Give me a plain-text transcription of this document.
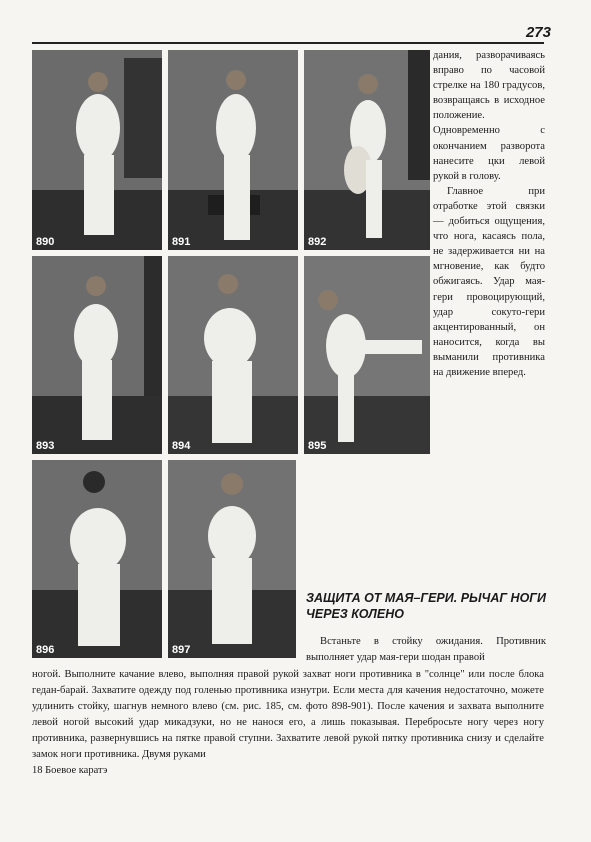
273
890	891	892
893	894	895
896	897

дания, разворачиваясь вправо по часовой стрелке на 180 градусов, возвращаясь в исходное положение. Одновременно с окончанием разворота нанесите цки левой рукой в голову.

Главное при отработке этой связки — добиться ощущения, что нога, касаясь пола, не задерживается ни на мгновение, как будто обжигаясь. Удар мая-гери провоцирующий, удар сокуто-гери акцентированный, он наносится, когда вы выманили противника на движение вперед.

ЗАЩИТА ОТ МАЯ–ГЕРИ. РЫЧАГ НОГИ ЧЕРЕЗ КОЛЕНО
Встаньте в стойку ожидания. Противник выполняет удар мая-гери шодан правой
ногой. Выполните качание влево, выполняя правой рукой захват ноги противника в "солнце" или после блока гедан-барай. Захватите одежду под голенью противника изнутри. Если места для качения недостаточно, можете удлинить стойку, шагнув немного влево (см. рис. 185, см. фото 898-901). После качения и захвата выполните левой ногой высокий удар микадзуки, но не нанося его, а лишь показывая. Перебросьте ногу через ногу противника, развернувшись на пятке правой ступни. Захватите левой рукой пятку противника снизу и сделайте замок ноги противника. Двумя руками
18 Боевое каратэ
